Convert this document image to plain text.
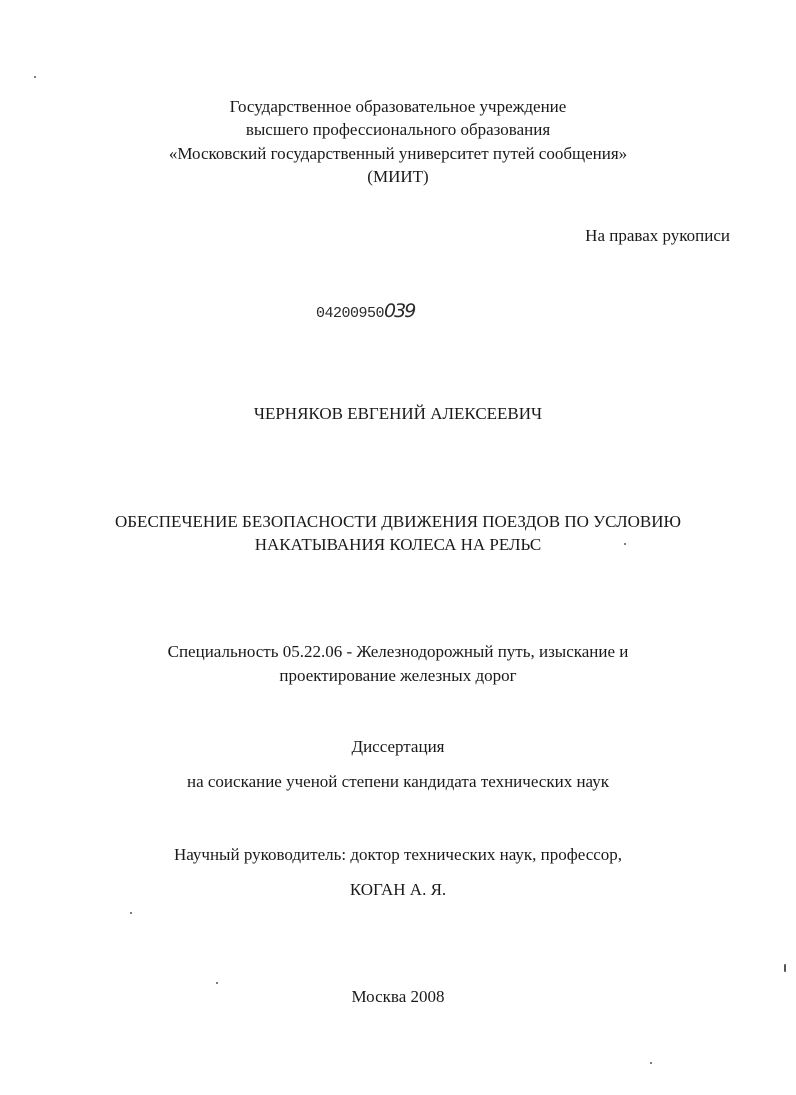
Государственное образовательное учреждение
высшего профессионального образования
«Московский государственный университет путей сообщения»
(МИИТ)
На правах рукописи
04200950039
ЧЕРНЯКОВ ЕВГЕНИЙ АЛЕКСЕЕВИЧ
ОБЕСПЕЧЕНИЕ БЕЗОПАСНОСТИ ДВИЖЕНИЯ ПОЕЗДОВ ПО УСЛОВИЮ
НАКАТЫВАНИЯ КОЛЕСА НА РЕЛЬС
Специальность 05.22.06 - Железнодорожный путь, изыскание и
проектирование железных дорог
Диссертация
на соискание ученой степени кандидата технических наук
Научный руководитель: доктор технических наук, профессор,
КОГАН А. Я.
Москва 2008
